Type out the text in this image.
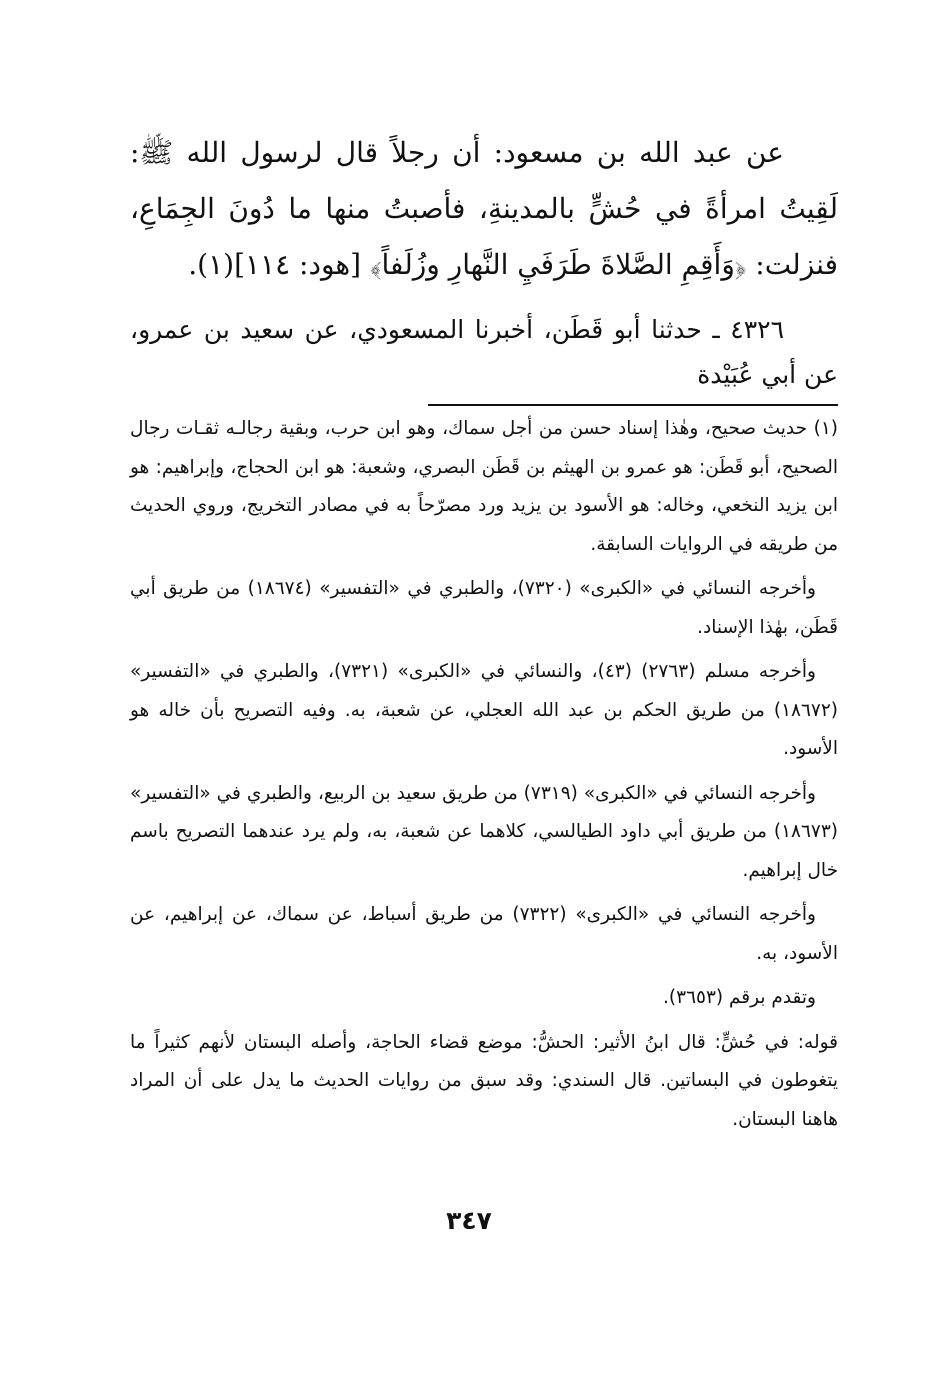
عن عبد الله بن مسعود: أن رجلاً قال لرسول الله ﷺ: لَقِيتُ امرأةً في حُشٍّ بالمدينةِ، فأصبتُ منها ما دُونَ الجِمَاعِ، فنزلت: ﴿وَأَقِمِ الصَّلاةَ طَرَفَيِ النَّهارِ وزُلَفاً﴾ [هود: ١١٤](١).

٤٣٢٦ ـ حدثنا أبو قَطَن، أخبرنا المسعودي، عن سعيد بن عمرو، عن أبي عُبَيْدة

(١) حديث صحيح، وهٰذا إسناد حسن من أجل سماك، وهو ابن حرب، وبقية رجالـه ثقـات رجال الصحيح، أبو قَطَن: هو عمرو بن الهيثم بن قَطَن البصري، وشعبة: هو ابن الحجاج، وإبراهيم: هو ابن يزيد النخعي، وخاله: هو الأسود بن يزيد ورد مصرّحاً به في مصادر التخريج، وروي الحديث من طريقه في الروايات السابقة.

وأخرجه النسائي في «الكبرى» (٧٣٢٠)، والطبري في «التفسير» (١٨٦٧٤) من طريق أبي قَطَن، بهٰذا الإسناد.

وأخرجه مسلم (٢٧٦٣) (٤٣)، والنسائي في «الكبرى» (٧٣٢١)، والطبري في «التفسير» (١٨٦٧٢) من طريق الحكم بن عبد الله العجلي، عن شعبة، به. وفيه التصريح بأن خاله هو الأسود.

وأخرجه النسائي في «الكبرى» (٧٣١٩) من طريق سعيد بن الربيع، والطبري في «التفسير» (١٨٦٧٣) من طريق أبي داود الطيالسي، كلاهما عن شعبة، به، ولم يرد عندهما التصريح باسم خال إبراهيم.

وأخرجه النسائي في «الكبرى» (٧٣٢٢) من طريق أسباط، عن سماك، عن إبراهيم، عن الأسود، به.

وتقدم برقم (٣٦٥٣).

قوله: في حُشٍّ: قال ابنُ الأثير: الحشُّ: موضع قضاء الحاجة، وأصله البستان لأنهم كثيراً ما يتغوطون في البساتين. قال السندي: وقد سبق من روايات الحديث ما يدل على أن المراد هاهنا البستان.

٣٤٧
